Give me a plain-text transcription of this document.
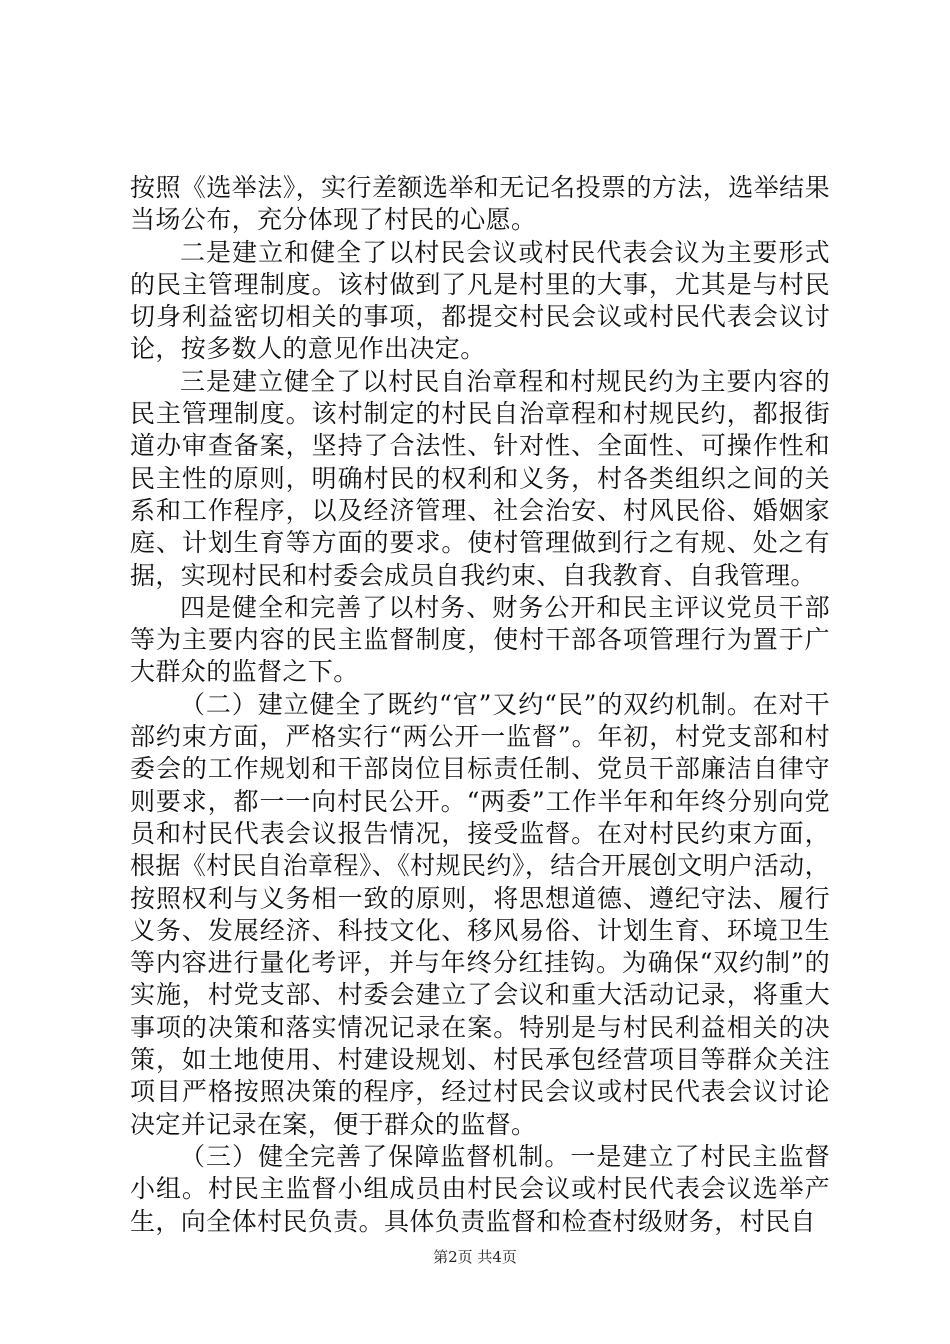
按照《选举法》，实行差额选举和无记名投票的方法，选举结果当场公布，充分体现了村民的心愿。

二是建立和健全了以村民会议或村民代表会议为主要形式的民主管理制度。该村做到了凡是村里的大事，尤其是与村民切身利益密切相关的事项，都提交村民会议或村民代表会议讨论，按多数人的意见作出决定。

三是建立健全了以村民自治章程和村规民约为主要内容的民主管理制度。该村制定的村民自治章程和村规民约，都报街道办审查备案，坚持了合法性、针对性、全面性、可操作性和民主性的原则，明确村民的权利和义务，村各类组织之间的关系和工作程序，以及经济管理、社会治安、村风民俗、婚姻家庭、计划生育等方面的要求。使村管理做到行之有规、处之有据，实现村民和村委会成员自我约束、自我教育、自我管理。

四是健全和完善了以村务、财务公开和民主评议党员干部等为主要内容的民主监督制度，使村干部各项管理行为置于广大群众的监督之下。

（二）建立健全了既约“官”又约“民”的双约机制。在对干部约束方面，严格实行“两公开一监督”。年初，村党支部和村委会的工作规划和干部岗位目标责任制、党员干部廉洁自律守则要求，都一一向村民公开。“两委”工作半年和年终分别向党员和村民代表会议报告情况，接受监督。在对村民约束方面，根据《村民自治章程》、《村规民约》，结合开展创文明户活动，按照权利与义务相一致的原则，将思想道德、遵纪守法、履行义务、发展经济、科技文化、移风易俗、计划生育、环境卫生等内容进行量化考评，并与年终分红挂钩。为确保“双约制”的实施，村党支部、村委会建立了会议和重大活动记录，将重大事项的决策和落实情况记录在案。特别是与村民利益相关的决策，如土地使用、村建设规划、村民承包经营项目等群众关注项目严格按照决策的程序，经过村民会议或村民代表会议讨论决定并记录在案，便于群众的监督。

（三）健全完善了保障监督机制。一是建立了村民主监督小组。村民主监督小组成员由村民会议或村民代表会议选举产生，向全体村民负责。具体负责监督和检查村级财务，村民自

第2页 共4页
